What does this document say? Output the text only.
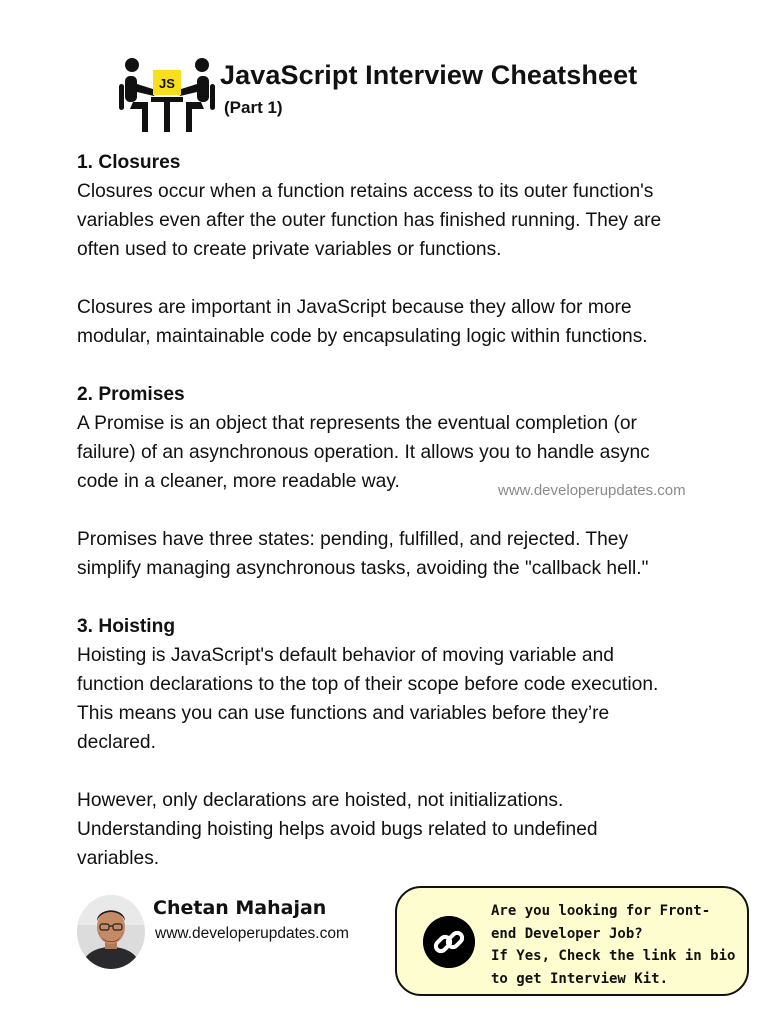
JS JavaScript Interview Cheatsheet
(Part 1)

1. Closures

Closures occur when a function retains access to its outer function's

variables even after the outer function has finished running. They are

often used to create private variables or functions.

Closures are important in JavaScript because they allow for more

modular, maintainable code by encapsulating logic within functions.

2. Promises

A Promise is an object that represents the eventual completion (or

failure) of an asynchronous operation. It allows you to handle async

code in a cleaner, more readable way.

Promises have three states: pending, fulfilled, and rejected. They

simplify managing asynchronous tasks, avoiding the "callback hell."

3. Hoisting

Hoisting is JavaScript's default behavior of moving variable and

function declarations to the top of their scope before code execution.

This means you can use functions and variables before they’re

declared.

However, only declarations are hoisted, not initializations.

Understanding hoisting helps avoid bugs related to undefined

variables.

www.developerupdates.com
Chetan Mahajan
www.developerupdates.com
Are you looking for Front-
end Developer Job?
If Yes, Check the link in bio
to get Interview Kit.
